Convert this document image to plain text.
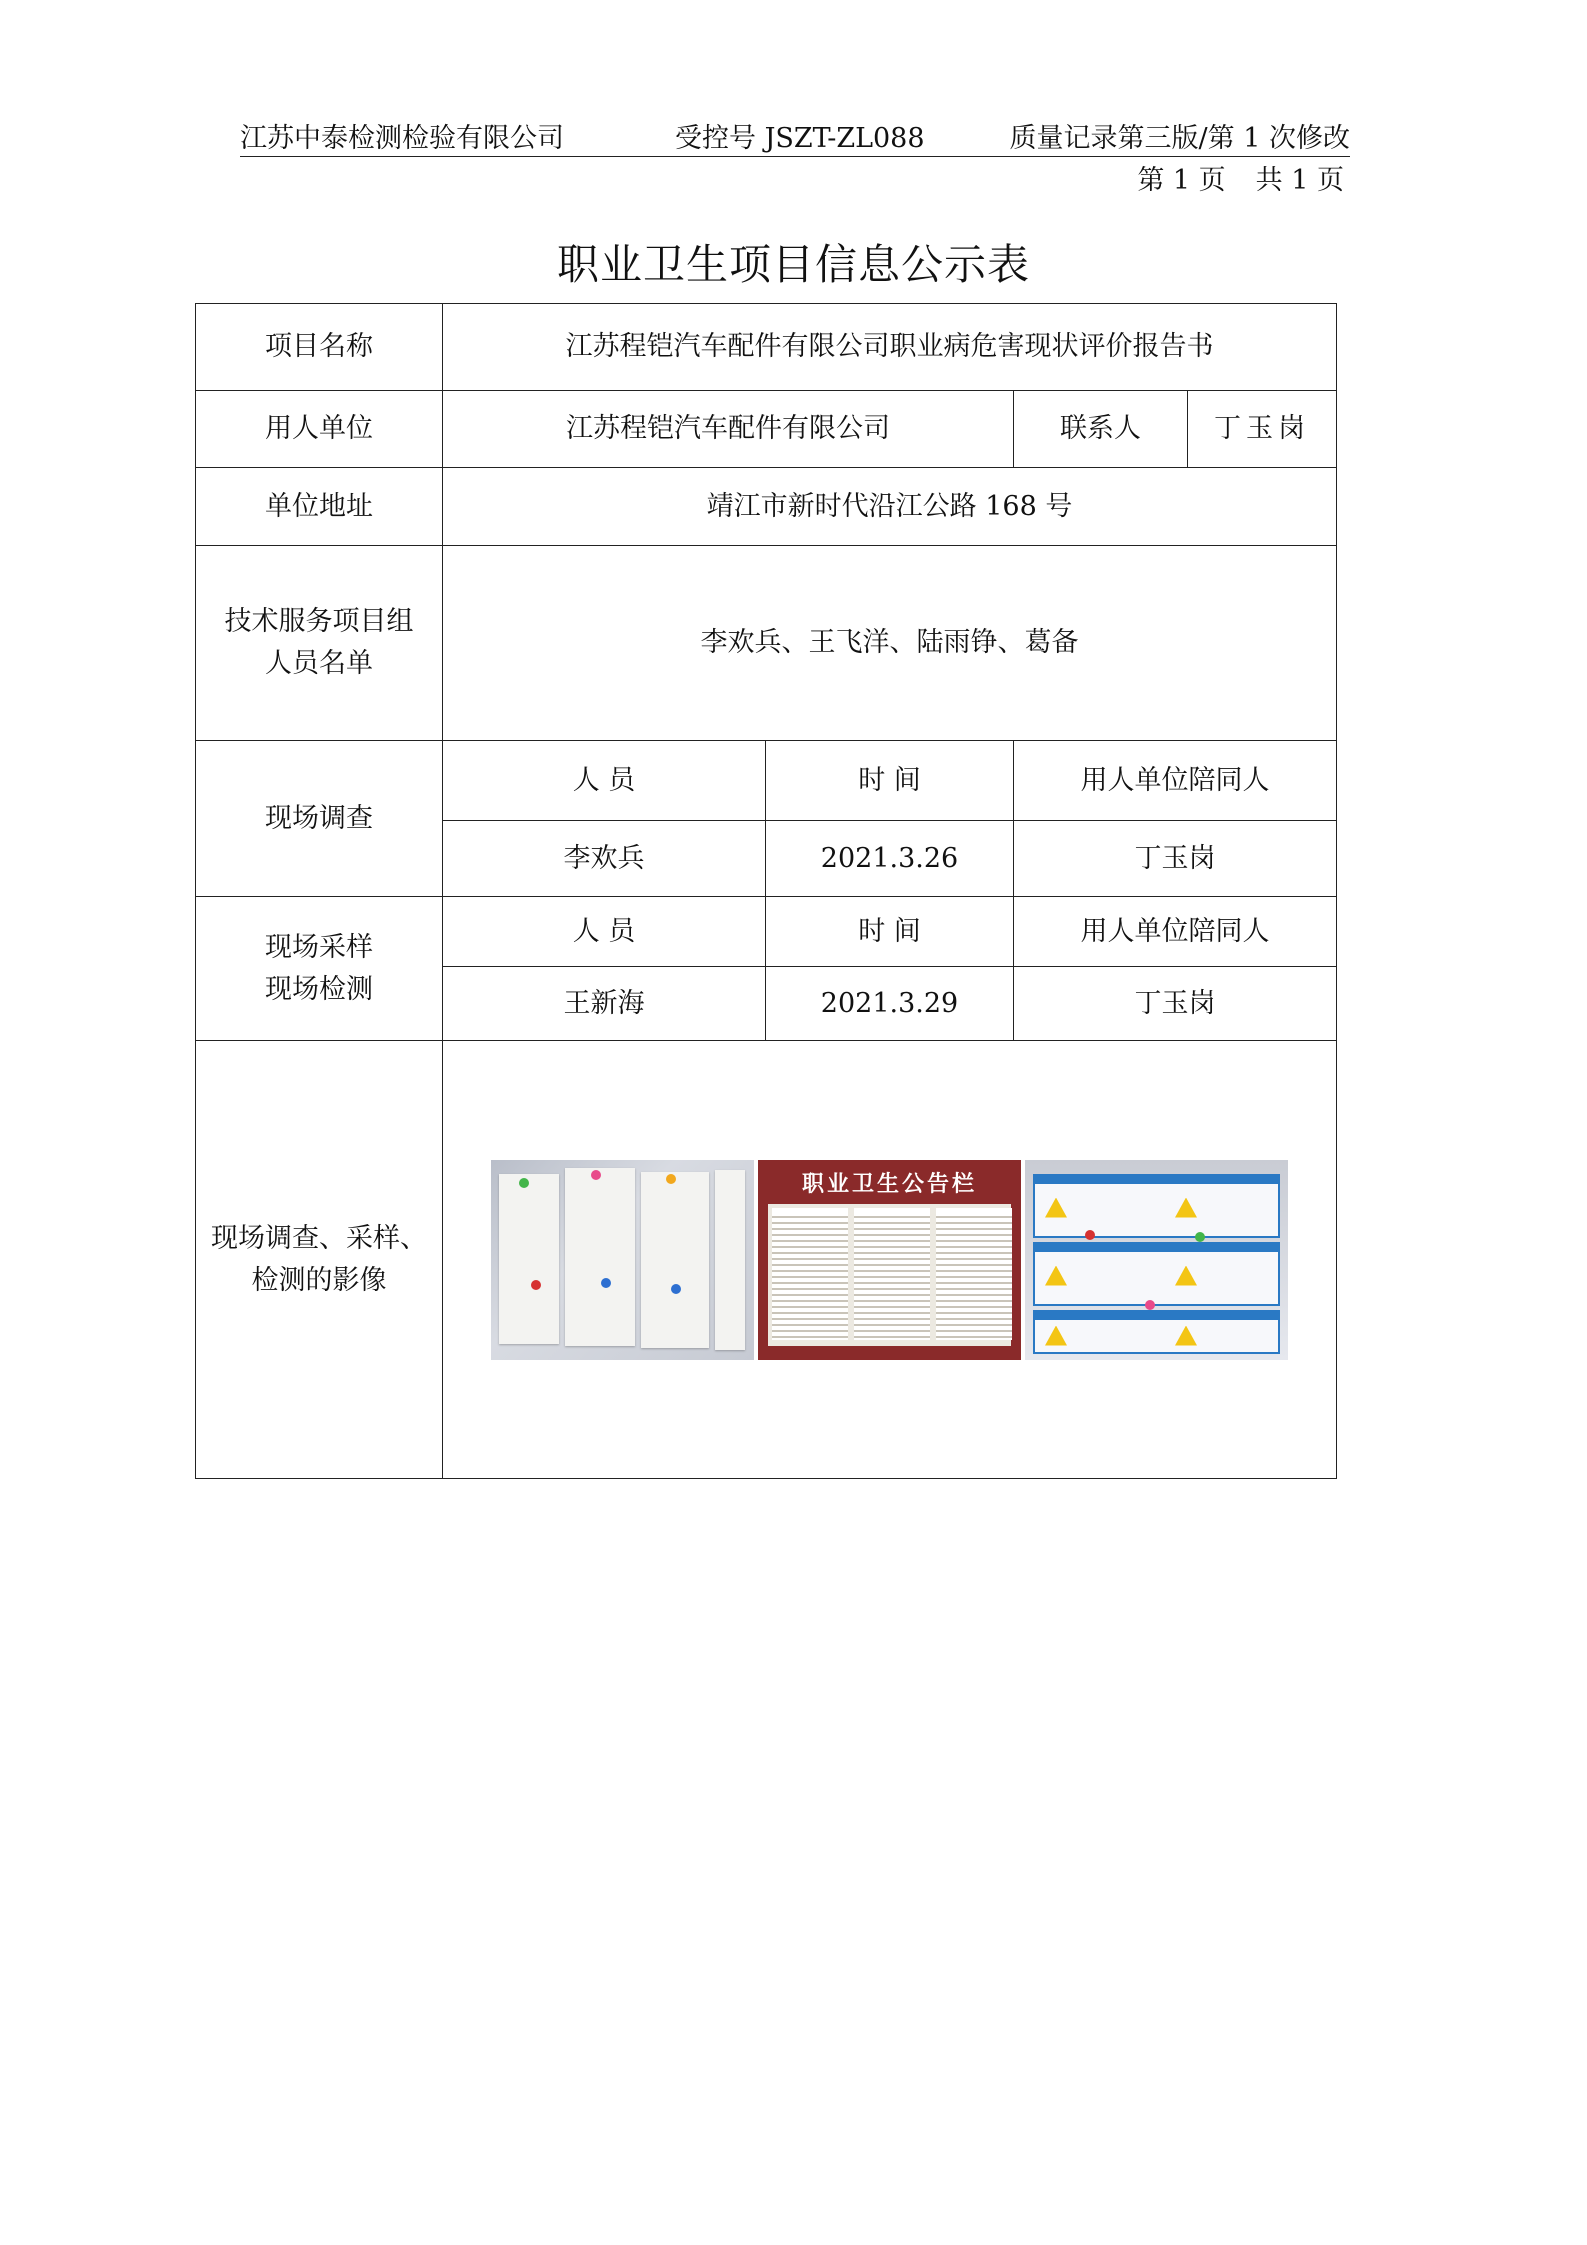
江苏中泰检测检验有限公司	受控号 JSZT-ZL088	质量记录第三版/第 1 次修改
第 1 页 共 1 页
职业卫生项目信息公示表
项目名称	江苏程铠汽车配件有限公司职业病危害现状评价报告书			
用人单位	江苏程铠汽车配件有限公司		联系人	丁玉岗
单位地址	靖江市新时代沿江公路 168 号			

技术服务项目组
人员名单	李欢兵、王飞洋、陆雨铮、葛备			
现场调查	人 员	时 间	用人单位陪同人	
	李欢兵	2021.3.26	丁玉岗	

现场采样
现场检测	人 员	时 间	用人单位陪同人	
	王新海	2021.3.29	丁玉岗	

现场调查、采样、
检测的影像	职业卫生公告栏			
